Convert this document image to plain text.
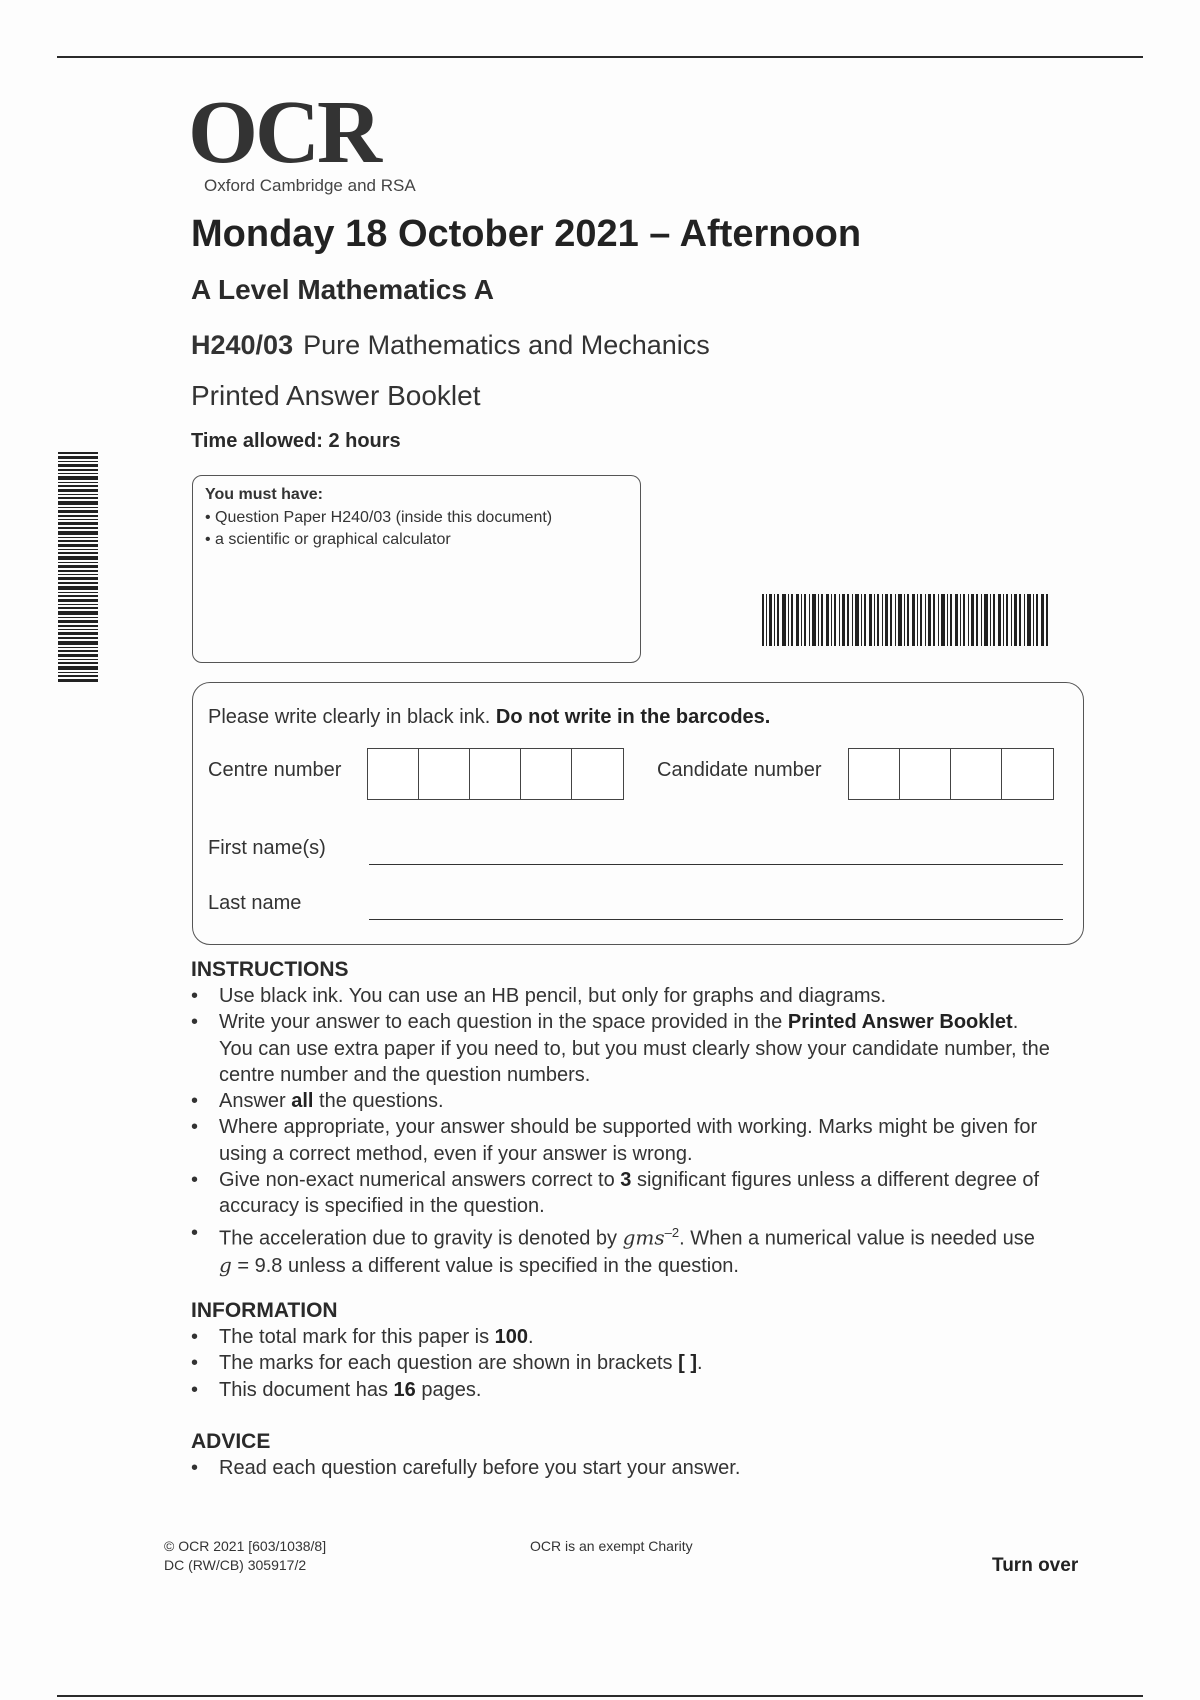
OCR
Oxford Cambridge and RSA
Monday 18 October 2021 – Afternoon
A Level Mathematics A
H240/03 Pure Mathematics and Mechanics
Printed Answer Booklet
Time allowed: 2 hours
You must have:
• Question Paper H240/03 (inside this document)
• a scientific or graphical calculator
Please write clearly in black ink. Do not write in the barcodes.
Centre number	Candidate number
First name(s)
Last name
INSTRUCTIONS
• Use black ink. You can use an HB pencil, but only for graphs and diagrams.
• Write your answer to each question in the space provided in the Printed Answer Booklet. You can use extra paper if you need to, but you must clearly show your candidate number, the centre number and the question numbers.
• Answer all the questions.
• Where appropriate, your answer should be supported with working. Marks might be given for using a correct method, even if your answer is wrong.
• Give non-exact numerical answers correct to 3 significant figures unless a different degree of accuracy is specified in the question.
• The acceleration due to gravity is denoted by gms$^{-2}$. When a numerical value is needed use g = 9.8 unless a different value is specified in the question.
INFORMATION
• The total mark for this paper is 100.
• The marks for each question are shown in brackets [ ].
• This document has 16 pages.
ADVICE
• Read each question carefully before you start your answer.
© OCR 2021 [603/1038/8]
DC (RW/CB) 305917/2
OCR is an exempt Charity
Turn over
